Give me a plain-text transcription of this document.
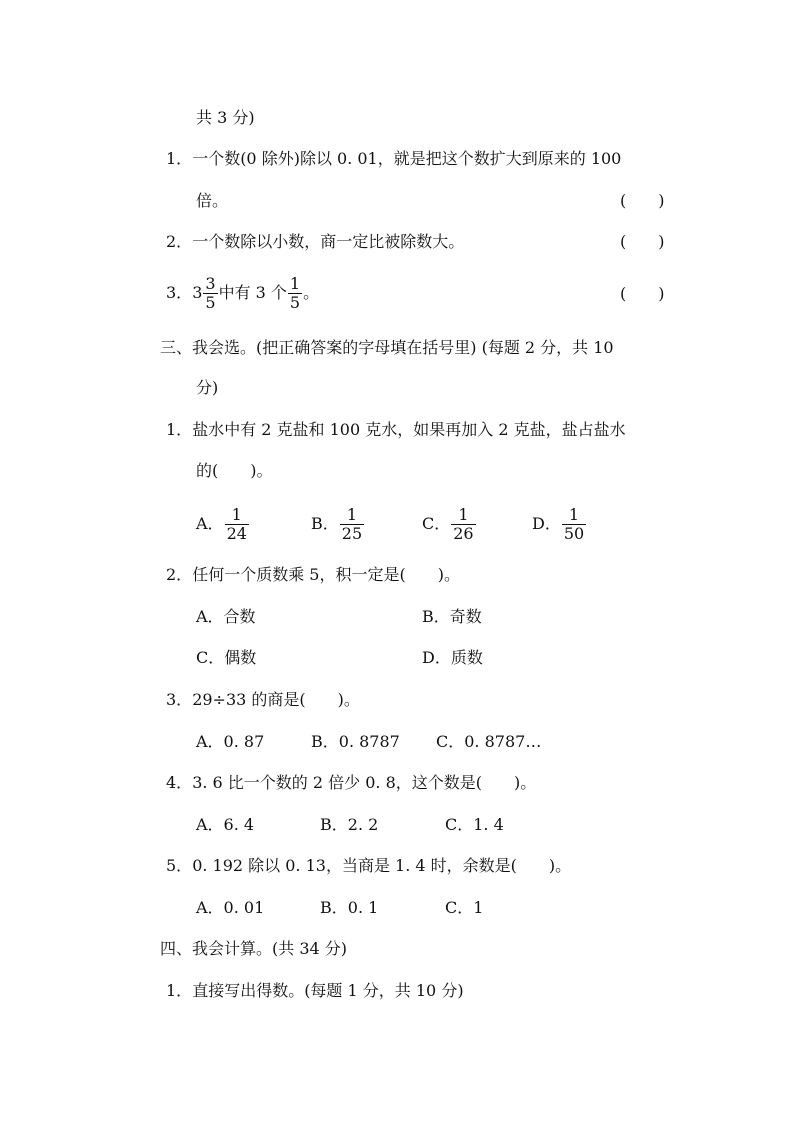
共 3 分)
1．一个数(0 除外)除以 0. 01，就是把这个数扩大到原来的 100
倍。	(　　)
2．一个数除以小数，商一定比被除数大。	(　　)
3．$3 \frac{3}{5}$ 中有 3 个 $\frac{1}{5}$ 。	(　　)
三、我会选。(把正确答案的字母填在括号里) (每题 2 分，共 10
分)
1．盐水中有 2 克盐和 100 克水，如果再加入 2 克盐，盐占盐水
的(　　)。
A． $\frac{1}{24}$	B． $\frac{1}{25}$	C． $\frac{1}{26}$	D． $\frac{1}{50}$
2．任何一个质数乘 5，积一定是(　　)。
A．合数	B．奇数
C．偶数	D．质数
3．29÷33 的商是(　　)。
A．0. 87	B．0. 8787 C．0. 8787…
4．3. 6 比一个数的 2 倍少 0. 8，这个数是(　　)。
A．6. 4	B．2. 2	C．1. 4
5．0. 192 除以 0. 13，当商是 1. 4 时，余数是(　　)。
A．0. 01	B．0. 1	C．1
四、我会计算。(共 34 分)
1．直接写出得数。(每题 1 分，共 10 分)
